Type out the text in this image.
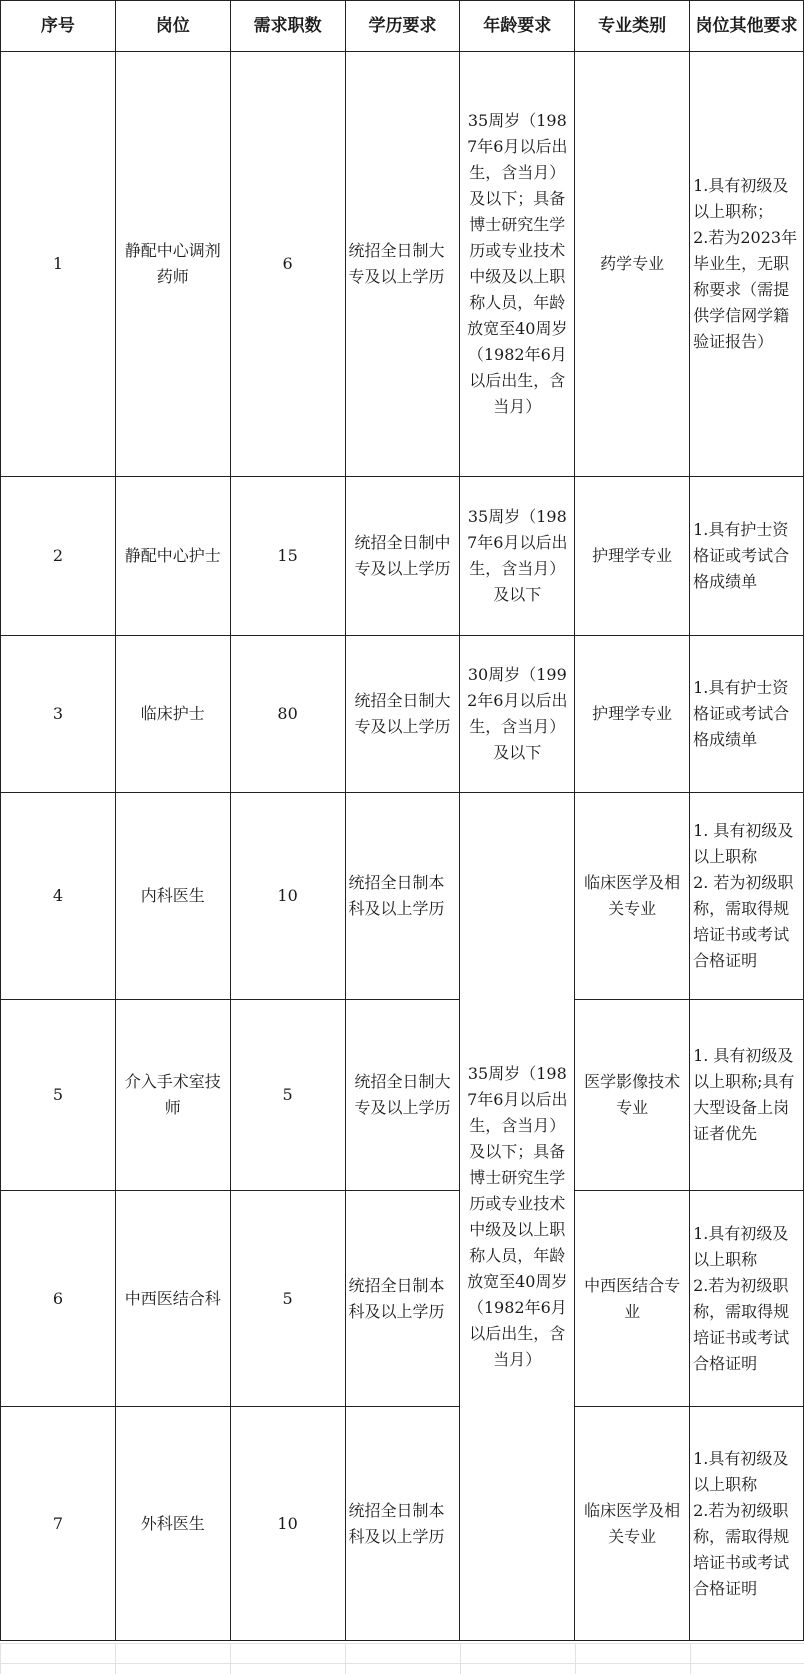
序号	岗位	需求职数	学历要求	年龄要求	专业类别	岗位其他要求
1	静配中心调剂药师	6	统招全日制大专及以上学历	35周岁（1987年6月以后出生，含当月）及以下；具备博士研究生学历或专业技术中级及以上职称人员，年龄放宽至40周岁（1982年6月以后出生，含当月）	药学专业	1.具有初级及以上职称；
2.若为2023年毕业生，无职称要求（需提供学信网学籍验证报告）
2	静配中心护士	15	统招全日制中专及以上学历	35周岁（1987年6月以后出生，含当月）及以下	护理学专业	1.具有护士资格证或考试合格成绩单
3	临床护士	80	统招全日制大专及以上学历	30周岁（1992年6月以后出生，含当月）及以下	护理学专业	1.具有护士资格证或考试合格成绩单
4	内科医生	10	统招全日制本科及以上学历	35周岁（1987年6月以后出生，含当月）及以下；具备博士研究生学历或专业技术中级及以上职称人员，年龄放宽至40周岁（1982年6月以后出生，含当月）	临床医学及相关专业	1. 具有初级及以上职称
2. 若为初级职称，需取得规培证书或考试合格证明
5	介入手术室技师	5	统招全日制大专及以上学历		医学影像技术专业	1. 具有初级及以上职称;具有大型设备上岗证者优先
6	中西医结合科	5	统招全日制本科及以上学历		中西医结合专业	1.具有初级及以上职称
2.若为初级职称，需取得规培证书或考试合格证明
7	外科医生	10	统招全日制本科及以上学历		临床医学及相关专业	1.具有初级及以上职称
2.若为初级职称，需取得规培证书或考试合格证明
